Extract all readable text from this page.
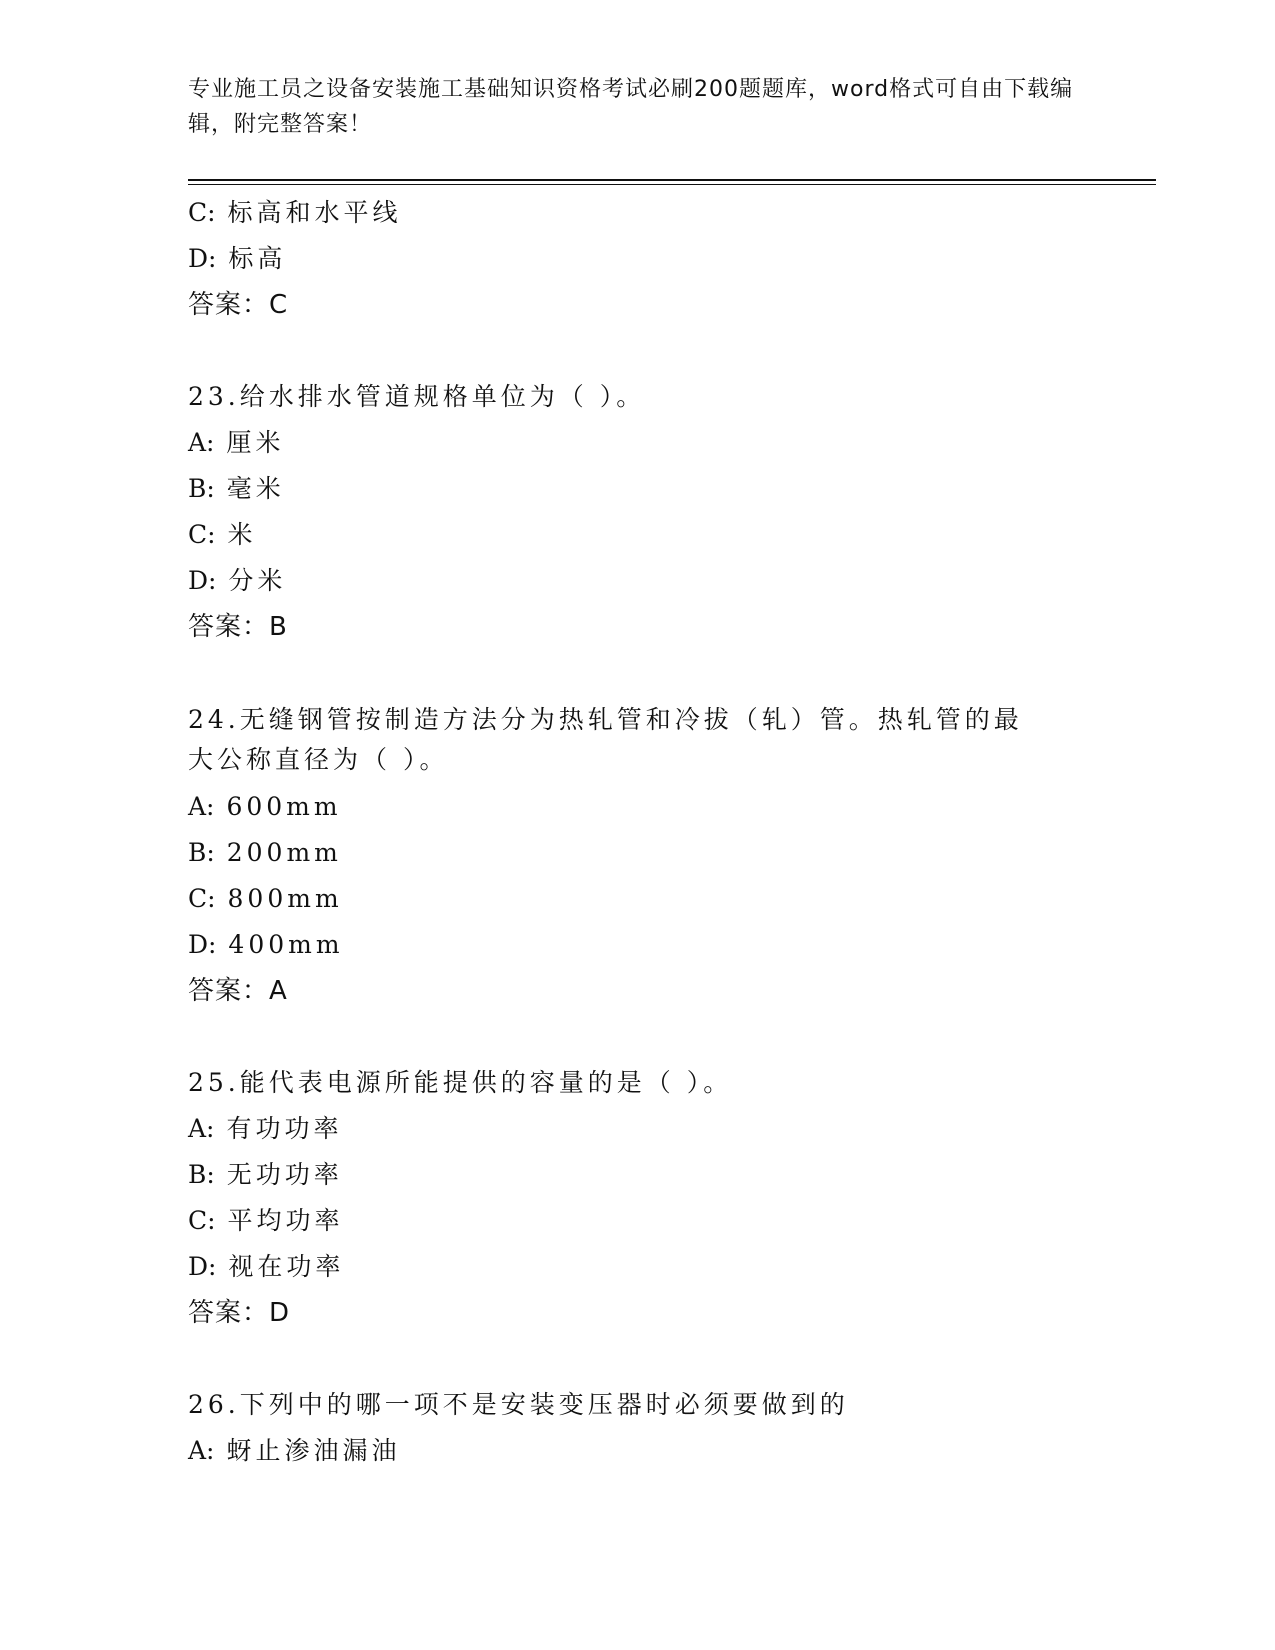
专业施工员之设备安装施工基础知识资格考试必刷200题题库，word格式可自由下载编辑，附完整答案！
C: 标高和水平线
D: 标高
答案：C
23.给水排水管道规格单位为（ ）。
A: 厘米
B: 毫米
C: 米
D: 分米
答案：B
24.无缝钢管按制造方法分为热轧管和冷拔（轧）管。热轧管的最大公称直径为（ ）。
A: 600mm
B: 200mm
C: 800mm
D: 400mm
答案：A
25.能代表电源所能提供的容量的是（ ）。
A: 有功功率
B: 无功功率
C: 平均功率
D: 视在功率
答案：D
26.下列中的哪一项不是安装变压器时必须要做到的
A: 蚜止渗油漏油
